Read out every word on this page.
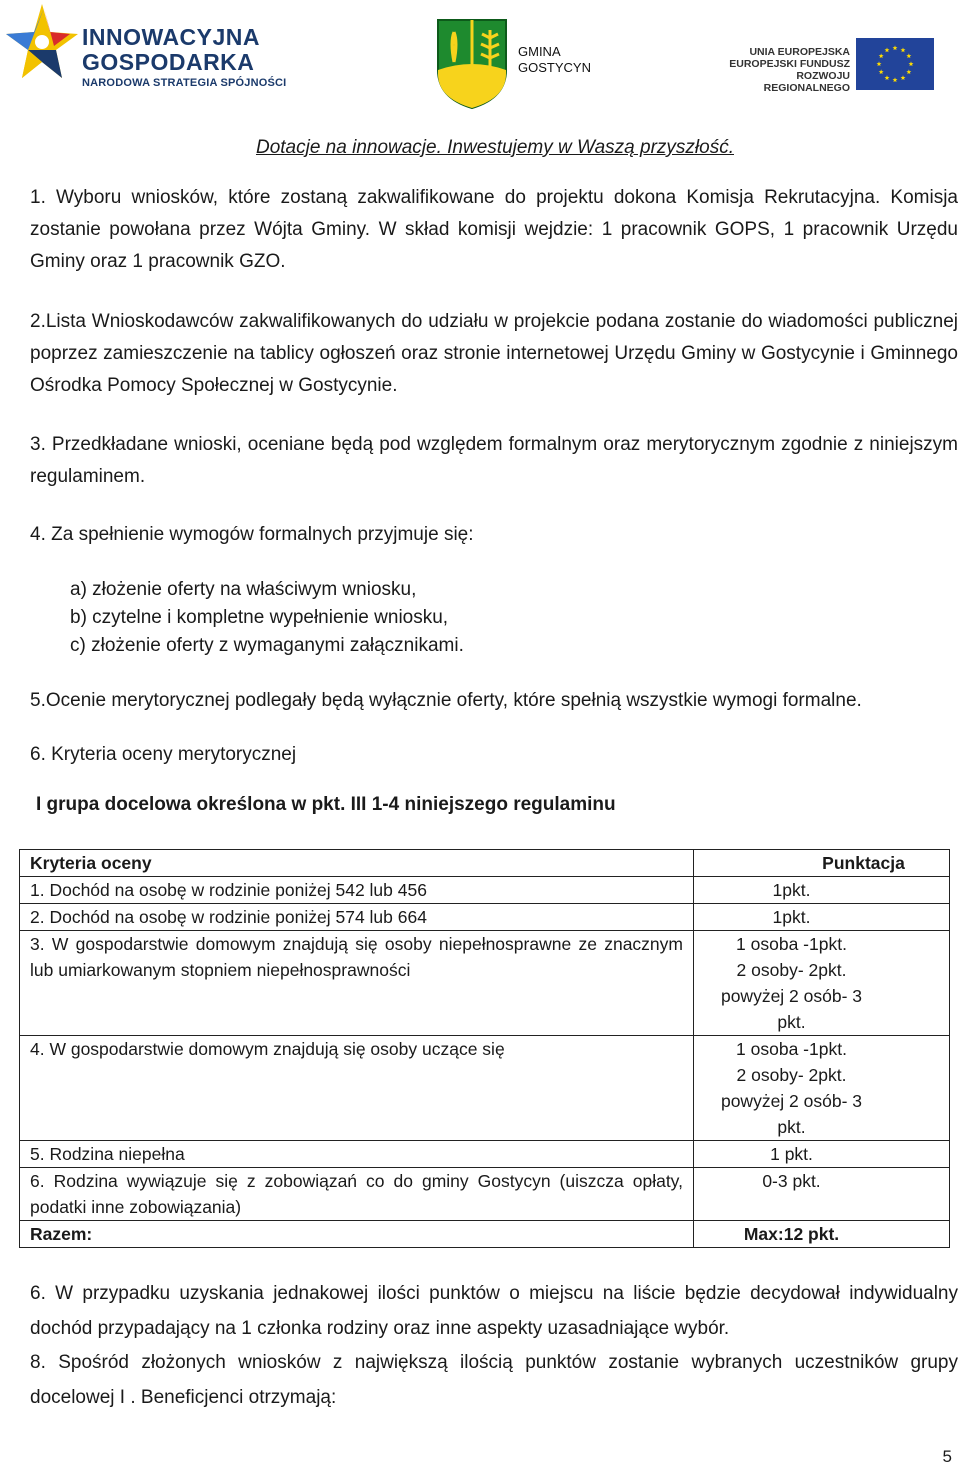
INNOWACYJNA
GOSPODARKA
NARODOWA STRATEGIA SPÓJNOŚCI
GMINA
GOSTYCYN
UNIA EUROPEJSKA
EUROPEJSKI FUNDUSZ
ROZWOJU REGIONALNEGO
Dotacje na innowacje. Inwestujemy w Waszą przyszłość.
1. Wyboru wniosków, które zostaną zakwalifikowane do projektu dokona Komisja Rekrutacyjna. Komisja zostanie powołana przez Wójta Gminy. W skład komisji wejdzie: 1 pracownik GOPS, 1 pracownik Urzędu Gminy oraz 1 pracownik GZO.
2.Lista Wnioskodawców zakwalifikowanych do udziału w projekcie podana zostanie do wiadomości publicznej poprzez zamieszczenie na tablicy ogłoszeń oraz stronie internetowej Urzędu Gminy w Gostycynie i Gminnego Ośrodka Pomocy Społecznej w Gostycynie.
3. Przedkładane wnioski, oceniane będą pod względem formalnym oraz merytorycznym zgodnie z niniejszym regulaminem.
4. Za spełnienie wymogów formalnych przyjmuje się:
a) złożenie oferty na właściwym wniosku,
b) czytelne i kompletne wypełnienie wniosku,
c) złożenie oferty z wymaganymi załącznikami.
5.Ocenie merytorycznej podlegały będą wyłącznie oferty, które spełnią wszystkie wymogi formalne.
6. Kryteria oceny merytorycznej
I grupa docelowa określona w pkt. III 1-4 niniejszego regulaminu
Kryteria oceny	Punktacja
1. Dochód na osobę w rodzinie poniżej 542 lub 456	1pkt.

2. Dochód na osobę w rodzinie poniżej 574 lub 664	1pkt.

3. W gospodarstwie domowym znajdują się osoby niepełnosprawne ze znacznym lub umiarkowanym stopniem niepełnosprawności	1 osoba -1pkt.
2 osoby- 2pkt.
powyżej 2 osób- 3 pkt.

4. W gospodarstwie domowym znajdują się osoby uczące się	1 osoba -1pkt.
2 osoby- 2pkt.
powyżej 2 osób- 3 pkt.

5. Rodzina niepełna	1 pkt.

6. Rodzina wywiązuje się z zobowiązań co do gminy Gostycyn (uiszcza opłaty, podatki inne zobowiązania)	0-3 pkt.

Razem:	Max:12 pkt.
6. W przypadku uzyskania jednakowej ilości punktów o miejscu na liście będzie decydował indywidualny dochód przypadający na 1 członka rodziny oraz inne aspekty uzasadniające wybór.
8. Spośród złożonych wniosków z największą ilością punktów zostanie wybranych uczestników grupy docelowej I . Beneficjenci otrzymają:
5
